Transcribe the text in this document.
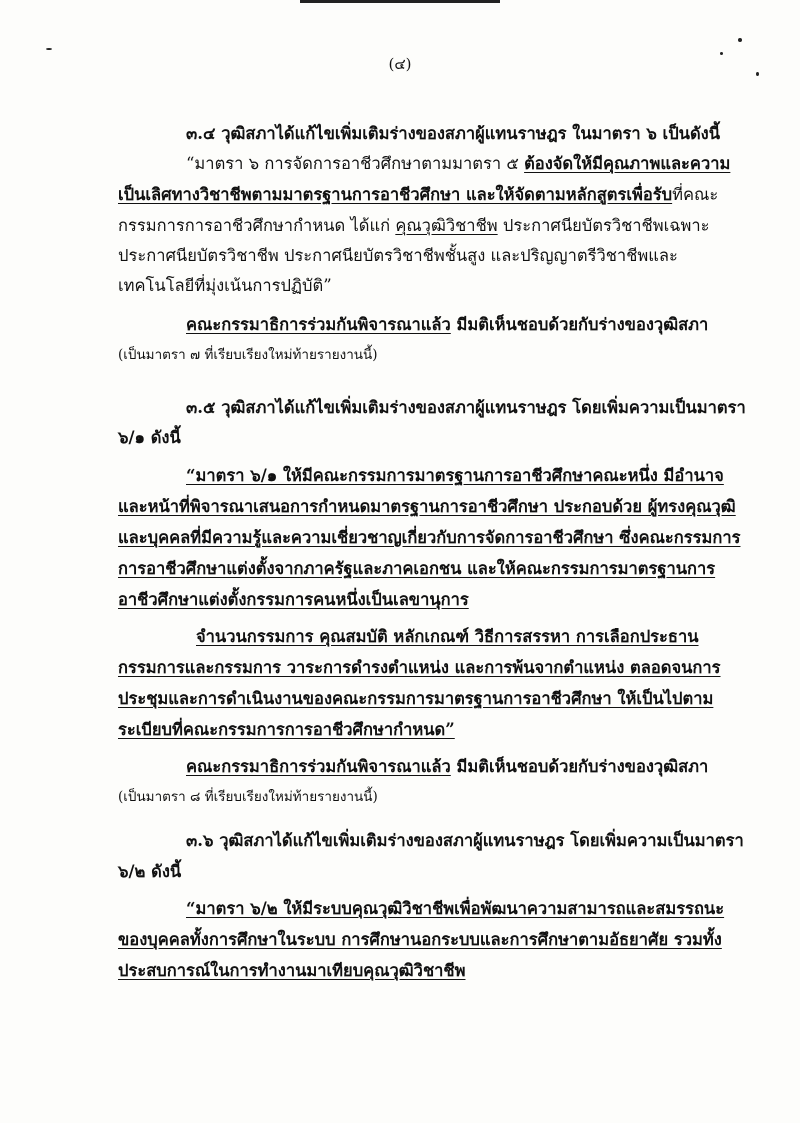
(๔)
๓.๔ วุฒิสภาได้แก้ไขเพิ่มเติมร่างของสภาผู้แทนราษฎร ในมาตรา ๖ เป็นดังนี้
“มาตรา ๖ การจัดการอาชีวศึกษาตามมาตรา ๕ ต้องจัดให้มีคุณภาพและความ
เป็นเลิศทางวิชาชีพตามมาตรฐานการอาชีวศึกษา และให้จัดตามหลักสูตรเพื่อรับที่คณะ
กรรมการการอาชีวศึกษากำหนด ได้แก่ คุณวุฒิวิชาชีพ ประกาศนียบัตรวิชาชีพเฉพาะ
ประกาศนียบัตรวิชาชีพ ประกาศนียบัตรวิชาชีพชั้นสูง และปริญญาตรีวิชาชีพและ
เทคโนโลยีที่มุ่งเน้นการปฏิบัติ”
คณะกรรมาธิการร่วมกันพิจารณาแล้ว มีมติเห็นชอบด้วยกับร่างของวุฒิสภา
(เป็นมาตรา ๗ ที่เรียบเรียงใหม่ท้ายรายงานนี้)
๓.๕ วุฒิสภาได้แก้ไขเพิ่มเติมร่างของสภาผู้แทนราษฎร โดยเพิ่มความเป็นมาตรา
๖/๑ ดังนี้
“มาตรา ๖/๑ ให้มีคณะกรรมการมาตรฐานการอาชีวศึกษาคณะหนึ่ง มีอำนาจ
และหน้าที่พิจารณาเสนอการกำหนดมาตรฐานการอาชีวศึกษา ประกอบด้วย ผู้ทรงคุณวุฒิ
และบุคคลที่มีความรู้และความเชี่ยวชาญเกี่ยวกับการจัดการอาชีวศึกษา ซึ่งคณะกรรมการ
การอาชีวศึกษาแต่งตั้งจากภาครัฐและภาคเอกชน และให้คณะกรรมการมาตรฐานการ
อาชีวศึกษาแต่งตั้งกรรมการคนหนึ่งเป็นเลขานุการ
จำนวนกรรมการ คุณสมบัติ หลักเกณฑ์ วิธีการสรรหา การเลือกประธาน
กรรมการและกรรมการ วาระการดำรงตำแหน่ง และการพ้นจากตำแหน่ง ตลอดจนการ
ประชุมและการดำเนินงานของคณะกรรมการมาตรฐานการอาชีวศึกษา ให้เป็นไปตาม
ระเบียบที่คณะกรรมการการอาชีวศึกษากำหนด”
คณะกรรมาธิการร่วมกันพิจารณาแล้ว มีมติเห็นชอบด้วยกับร่างของวุฒิสภา
(เป็นมาตรา ๘ ที่เรียบเรียงใหม่ท้ายรายงานนี้)
๓.๖ วุฒิสภาได้แก้ไขเพิ่มเติมร่างของสภาผู้แทนราษฎร โดยเพิ่มความเป็นมาตรา
๖/๒ ดังนี้
“มาตรา ๖/๒ ให้มีระบบคุณวุฒิวิชาชีพเพื่อพัฒนาความสามารถและสมรรถนะ
ของบุคคลทั้งการศึกษาในระบบ การศึกษานอกระบบและการศึกษาตามอัธยาศัย รวมทั้ง
ประสบการณ์ในการทำงานมาเทียบคุณวุฒิวิชาชีพ
